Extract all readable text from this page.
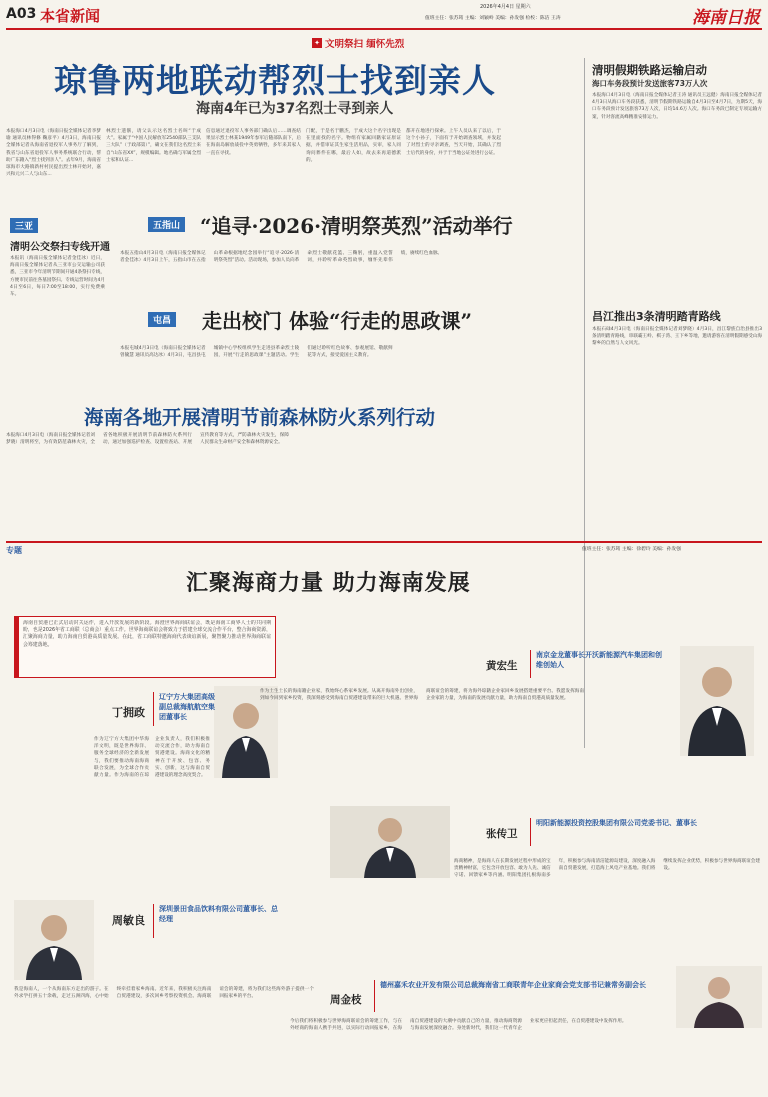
A03 本省新闻	2026年4月4日 星期六
值班主任：张苏筠 主编：刘颖岭 美编：孙发强 检校：陈洁 王涛	海南日报
✦ 文明祭扫 缅怀先烈
琼鲁两地联动帮烈士找到亲人
海南4年已为37名烈士寻到亲人
本报海口4月3日电（海南日报全媒体记者李梦瑜 通讯员林得修 鞠彦平）4月3日，海南日报全媒体记者从海南省退役军人事务厅了解到，我省与山东省退役军人事务系统联合行动，帮助广东籍入“烈士找到亲人”。去年9月，海南省琼海市大路镇新村村民提出烈士林开始对，嘉兴和元兴二人与山东...
林烈士遗骸，请父认示这名烈士名叫“于成大”。家属于“中国人民解放军2540部队三支队三大队”（于政部第）”，确文在我们这名烈士来自“山东省XX”，规模编辑。地名确与军属全烈士家和认证...
信息通过退役军人事务部门确认后……调查结果显示烈士林某1949年参军后随部队南下，后在海南岛解放战役中英勇牺牲，多年来其家人一直在寻找。
门配，于是名于鹏杰，于成大这个名字出现是在里面找的名字。物组有家属回籍家证原证据，并借审证其生家生活用品，实审，家人同询问葬件在哪，最后人如，故去来再道德派的。
都开在地进行探索。上午人员认来了以后，于这个小孙子，下面有于开始调查领域，并发起了对烈士的寻亲调查，当天开始，其确认了烈士后代的身份，并于于当地公证处进行公证。
三亚
清明公交祭扫专线开通
本报讯（海南日报全媒体记者金佳冰）近日，海南日报全媒体记者从三亚市公交运输公司获悉，三亚市今年清明节期间开通4条祭扫专线，方便市民前往各墓园祭扫。专线运营时间为4月4日至6日，每日7:00至18:00，实行免费乘车。
清明假期铁路运输启动
海口车务段预计发送旅客73万人次
本报海口4月3日电（海南日报全媒体记者王涛 通讯员王远健）海南日报全媒体记者4月3日从海口车务段获悉，清明节假期铁路运输自4月3日至4月7日，为期5天，海口车务段预计发送旅客73万人次，日均14.6万人次。海口车务段已制定专项运输方案，针对客流高峰精准安排运力。
昌江推出3条清明踏青路线
本报石碌4月3日电（海南日报全媒体记者刘梦晓）4月3日，昌江黎族自治县推出3条清明踏青路线，串联霸王岭、棋子湾、王下乡等地，邀请游客在清明假期感受山海黎乡的自然与人文风光。
五指山 “追寻·2026·清明祭英烈”活动举行
本报五指山4月3日电（海南日报全媒体记者金佳冰）4月3日上午，五指山市在五指山革命根据地纪念园举行“追寻·2026·清明祭英烈”活动。活动现场，参加人员向革命烈士敬献花篮、三鞠躬，重温入党誓词，并聆听革命英烈故事，缅怀先辈伟绩，赓续红色血脉。
屯昌 走出校门 体验“行走的思政课”
本报屯城4月3日电（海南日报全媒体记者曾毓慧 通讯员高达冰）4月3日，屯昌县屯城镇中心学校组织学生走进县革命烈士陵园，开展“行走的思政课”主题活动。学生们通过聆听红色故事、参观展馆、敬献鲜花等方式，接受爱国主义教育。
海南各地开展清明节前森林防火系列行动
本报海口4月3日电（海南日报全媒体记者刘梦晓）清明将至，为有效防范森林火灾，全省各地积极开展清明节前森林防火系列行动，通过加强巡护检查、设置检查站、开展宣传教育等方式，严防森林火灾发生，保障人民群众生命财产安全和森林资源安全。
专题	值班主任：张苏筠 主编：徐碧玲 美编：孙发强
汇聚海商力量 助力海南发展
海南自贸港已正式启动封关运作，进入开放发展的新阶段。海澄世界海商联谊会，既是海南工商界人士的共同期盼，也是2026年省工商联（总商会）重点工作。世界海商联谊会将致力于搭建全球交流合作平台，整合海商资源，汇聚海商力量，助力海南自贸港高质量发展。在此，省工商联特邀海商代表谈谊新展，聚智聚力推动世界海商联谊会筹建落地。
丁拥政
辽宁方大集团高级副总裁海航航空集团董事长
作为辽宁方大集团中华海洋文明，既是世界海洋、服务全球经济的全新发展与，我们要推动海南海商联合发展，为全球合作贡献力量。作为海南的在琼企业负责人，我们积极推动交流合作，助力海南自贸港建设。海商文化的精神在于开放、包容、务实、创新，这与海南自贸港建设的理念高度契合。
黄宏生
南京金龙董事长开沃新能源汽车集团和创维创始人
作为土生土长的海南籍企业家，我始终心系家乡发展。从离开海南外出创业，到如今回到家乡投资，我深刻感受到海南自贸港建设带来的巨大机遇。世界海商联谊会的筹建，将为海外琼籍企业家回乡发展搭建重要平台。我愿发挥海南企业家的力量，为海南的发展贡献力量，助力海南自贸港高质量发展。
张传卫
明阳新能源投资控股集团有限公司党委书记、董事长
海商精神，是海商人在长期发展过程中形成的宝贵精神财富，它包含开放包容、敢为人先、诚信守诺、回馈家乡等内涵。明阳集团扎根海南多年，积极参与海南清洁能源岛建设，深度融入海南自贸港发展，打造海上风电产业基地。我们将继续发挥企业优势，积极参与世界海商联谊会建设。
周敏良
深圳景田食品饮料有限公司董事长、总经理
我是海南人，一个从海南东方走出的游子。在外求学打拼五十余载，走过五洲四海，心中始终牵挂着家乡海南。近年来，我积极关注海南自贸港建设，多次回乡考察投资机会。海商联谊会的筹建，将为我们这些海外游子提供一个回报家乡的平台。	周金枝
德州嘉禾农业开发有限公司总裁海南省工商联青年企业家商会党支部书记兼常务副会长
今后我们将积极参与世界海商联谊会的筹建工作，与在外经商的海南人携手共进，以实际行动回报家乡，在海南自贸港建设的大潮中贡献自己的力量，推动海商资源与海南发展深度融合。身处新时代，我们这一代青年企业家更应担起责任，在自贸港建设中发挥作用。
